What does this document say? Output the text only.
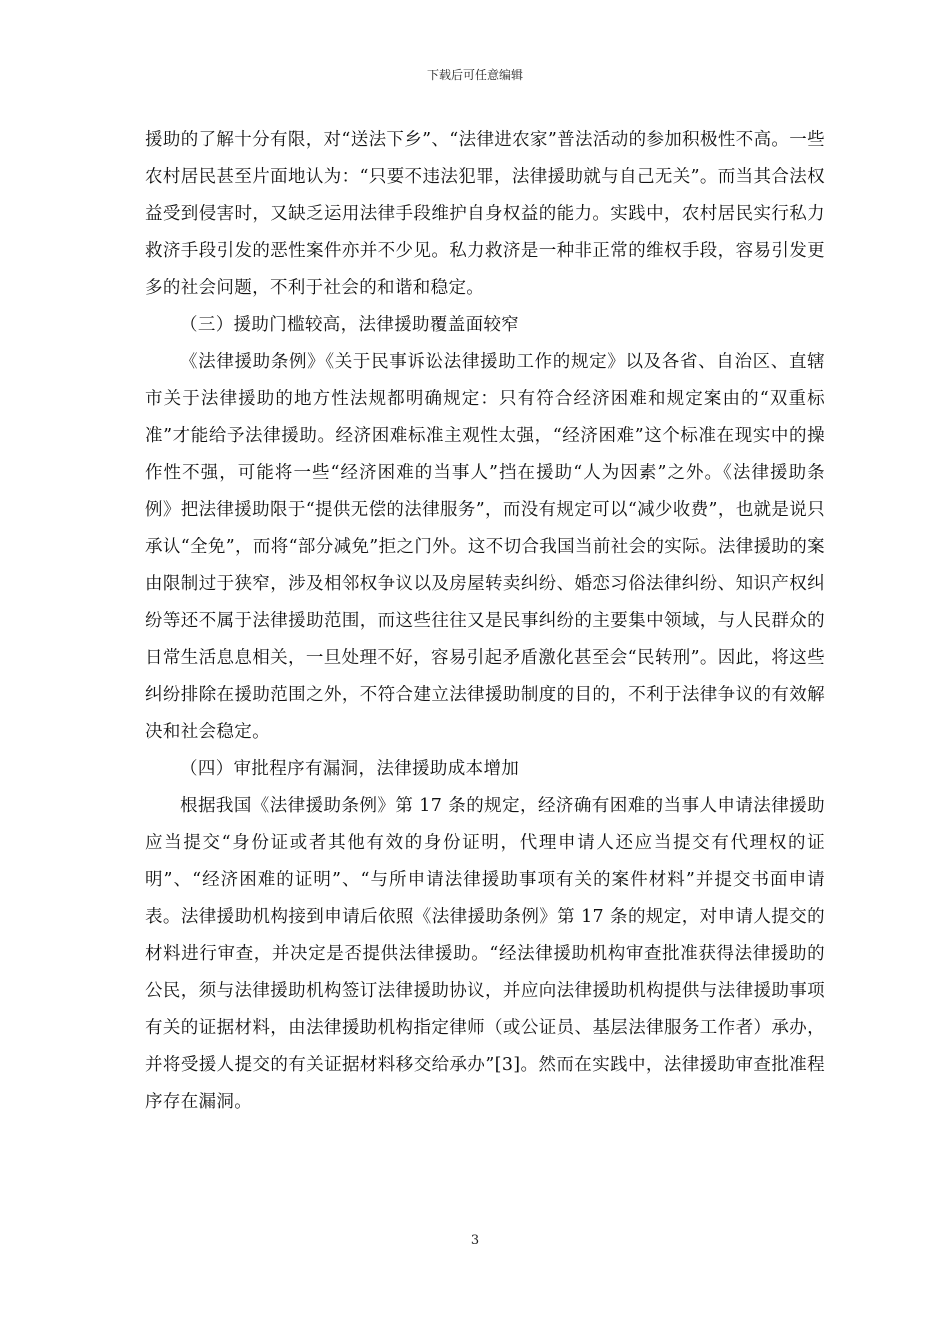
下载后可任意编辑

援助的了解十分有限，对“送法下乡”、“法律进农家”普法活动的参加积极性不高。一些农村居民甚至片面地认为：“只要不违法犯罪，法律援助就与自己无关”。而当其合法权益受到侵害时，又缺乏运用法律手段维护自身权益的能力。实践中，农村居民实行私力救济手段引发的恶性案件亦并不少见。私力救济是一种非正常的维权手段，容易引发更多的社会问题，不利于社会的和谐和稳定。

（三）援助门槛较高，法律援助覆盖面较窄

《法律援助条例》《关于民事诉讼法律援助工作的规定》以及各省、自治区、直辖市关于法律援助的地方性法规都明确规定：只有符合经济困难和规定案由的“双重标准”才能给予法律援助。经济困难标准主观性太强，“经济困难”这个标准在现实中的操作性不强，可能将一些“经济困难的当事人”挡在援助“人为因素”之外。《法律援助条例》把法律援助限于“提供无偿的法律服务”，而没有规定可以“减少收费”，也就是说只承认“全免”，而将“部分减免”拒之门外。这不切合我国当前社会的实际。法律援助的案由限制过于狭窄，涉及相邻权争议以及房屋转卖纠纷、婚恋习俗法律纠纷、知识产权纠纷等还不属于法律援助范围，而这些往往又是民事纠纷的主要集中领域，与人民群众的日常生活息息相关，一旦处理不好，容易引起矛盾激化甚至会“民转刑”。因此，将这些纠纷排除在援助范围之外，不符合建立法律援助制度的目的，不利于法律争议的有效解决和社会稳定。

（四）审批程序有漏洞，法律援助成本增加

根据我国《法律援助条例》第 17 条的规定，经济确有困难的当事人申请法律援助应当提交“身份证或者其他有效的身份证明，代理申请人还应当提交有代理权的证明”、“经济困难的证明”、“与所申请法律援助事项有关的案件材料”并提交书面申请表。法律援助机构接到申请后依照《法律援助条例》第 17 条的规定，对申请人提交的材料进行审查，并决定是否提供法律援助。“经法律援助机构审查批准获得法律援助的公民，须与法律援助机构签订法律援助协议，并应向法律援助机构提供与法律援助事项有关的证据材料，由法律援助机构指定律师（或公证员、基层法律服务工作者）承办，并将受援人提交的有关证据材料移交给承办”[3]。然而在实践中，法律援助审查批准程序存在漏洞。

3
